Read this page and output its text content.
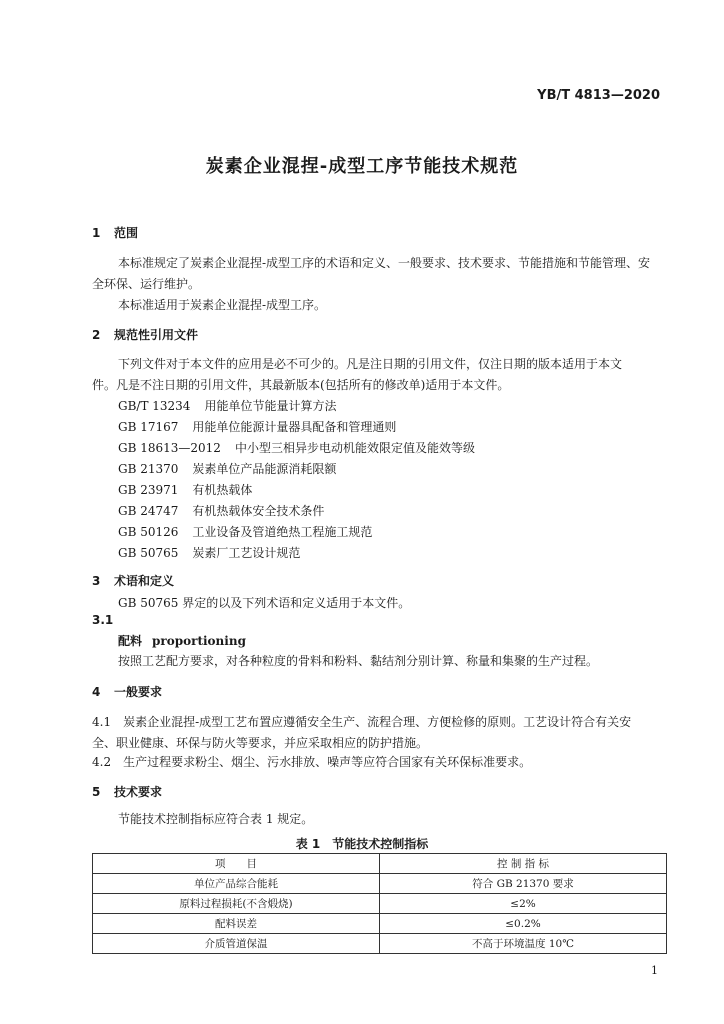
YB/T 4813—2020
炭素企业混捏-成型工序节能技术规范
1 范围
本标准规定了炭素企业混捏-成型工序的术语和定义、一般要求、技术要求、节能措施和节能管理、安
全环保、运行维护。
本标准适用于炭素企业混捏-成型工序。
2 规范性引用文件
下列文件对于本文件的应用是必不可少的。凡是注日期的引用文件，仅注日期的版本适用于本文
件。凡是不注日期的引用文件，其最新版本(包括所有的修改单)适用于本文件。
GB/T 13234 用能单位节能量计算方法
GB 17167 用能单位能源计量器具配备和管理通则
GB 18613—2012 中小型三相异步电动机能效限定值及能效等级
GB 21370 炭素单位产品能源消耗限额
GB 23971 有机热载体
GB 24747 有机热载体安全技术条件
GB 50126 工业设备及管道绝热工程施工规范
GB 50765 炭素厂工艺设计规范
3 术语和定义
GB 50765 界定的以及下列术语和定义适用于本文件。
3.1
配料 proportioning
按照工艺配方要求，对各种粒度的骨料和粉料、黏结剂分别计算、称量和集聚的生产过程。
4 一般要求
4.1　炭素企业混捏-成型工艺布置应遵循安全生产、流程合理、方便检修的原则。工艺设计符合有关安
全、职业健康、环保与防火等要求，并应采取相应的防护措施。
4.2　生产过程要求粉尘、烟尘、污水排放、噪声等应符合国家有关环保标准要求。
5 技术要求
节能技术控制指标应符合表 1 规定。
表 1　节能技术控制指标
项　　目	控 制 指 标
单位产品综合能耗	符合 GB 21370 要求
原料过程损耗(不含煅烧)	≤2%
配料误差	≤0.2%
介质管道保温	不高于环境温度 10℃
1
